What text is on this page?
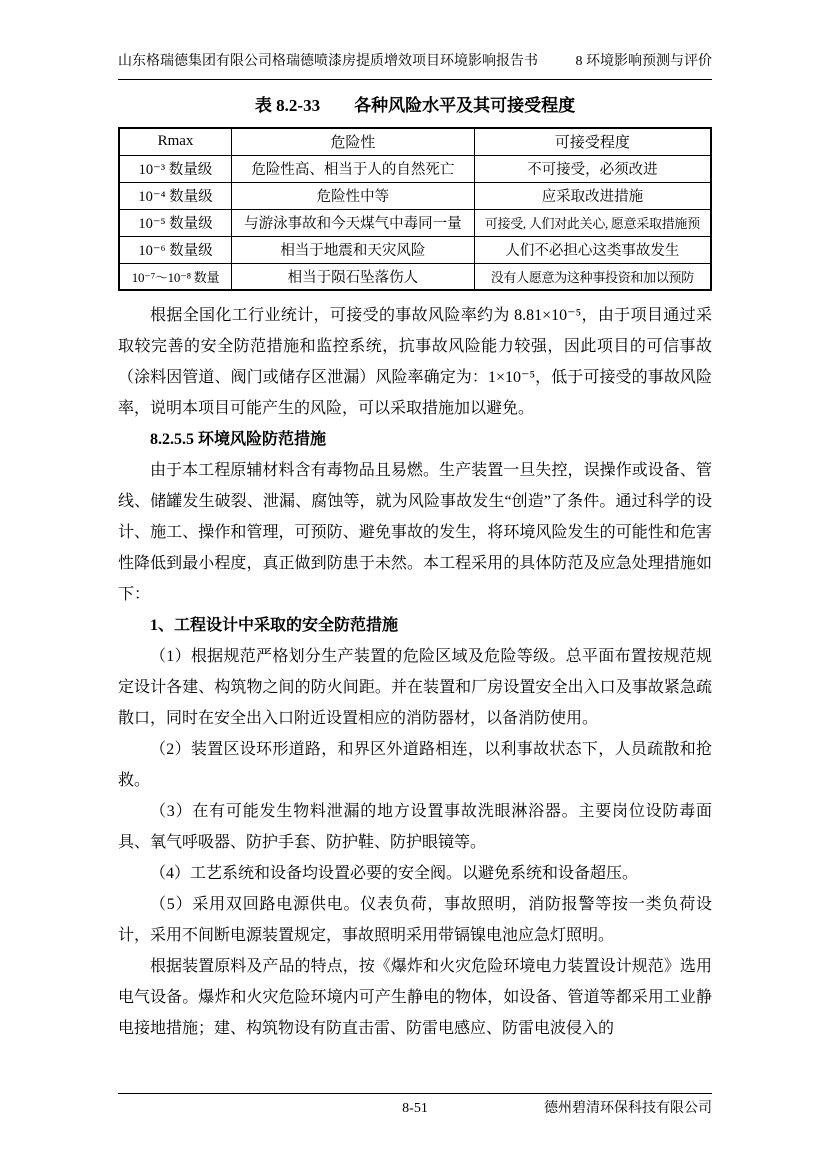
山东格瑞德集团有限公司格瑞德喷漆房提质增效项目环境影响报告书	8 环境影响预测与评价
表 8.2-33　　各种风险水平及其可接受程度
Rmax	危险性	可接受程度
10⁻³ 数量级	危险性高、相当于人的自然死亡	不可接受，必须改进
10⁻⁴ 数量级	危险性中等	应采取改进措施
10⁻⁵ 数量级	与游泳事故和今天煤气中毒同一量	可接受, 人们对此关心, 愿意采取措施预
10⁻⁶ 数量级	相当于地震和天灾风险	人们不必担心这类事故发生
10⁻⁷～10⁻⁸ 数量	相当于陨石坠落伤人	没有人愿意为这种事投资和加以预防

根据全国化工行业统计，可接受的事故风险率约为 8.81×10⁻⁵，由于项目通过采取较完善的安全防范措施和监控系统，抗事故风险能力较强，因此项目的可信事故（涂料因管道、阀门或储存区泄漏）风险率确定为：1×10⁻⁵，低于可接受的事故风险率，说明本项目可能产生的风险，可以采取措施加以避免。

8.2.5.5 环境风险防范措施

由于本工程原辅材料含有毒物品且易燃。生产装置一旦失控，误操作或设备、管线、储罐发生破裂、泄漏、腐蚀等，就为风险事故发生“创造”了条件。通过科学的设计、施工、操作和管理，可预防、避免事故的发生，将环境风险发生的可能性和危害性降低到最小程度，真正做到防患于未然。本工程采用的具体防范及应急处理措施如下：

1、工程设计中采取的安全防范措施

（1）根据规范严格划分生产装置的危险区域及危险等级。总平面布置按规范规定设计各建、构筑物之间的防火间距。并在装置和厂房设置安全出入口及事故紧急疏散口，同时在安全出入口附近设置相应的消防器材，以备消防使用。

（2）装置区设环形道路，和界区外道路相连，以利事故状态下，人员疏散和抢救。

（3）在有可能发生物料泄漏的地方设置事故洗眼淋浴器。主要岗位设防毒面具、氧气呼吸器、防护手套、防护鞋、防护眼镜等。

（4）工艺系统和设备均设置必要的安全阀。以避免系统和设备超压。

（5）采用双回路电源供电。仪表负荷，事故照明，消防报警等按一类负荷设计，采用不间断电源装置规定，事故照明采用带镉镍电池应急灯照明。

根据装置原料及产品的特点，按《爆炸和火灾危险环境电力装置设计规范》选用电气设备。爆炸和火灾危险环境内可产生静电的物体，如设备、管道等都采用工业静电接地措施；建、构筑物设有防直击雷、防雷电感应、防雷电波侵入的

8-51	德州碧清环保科技有限公司
